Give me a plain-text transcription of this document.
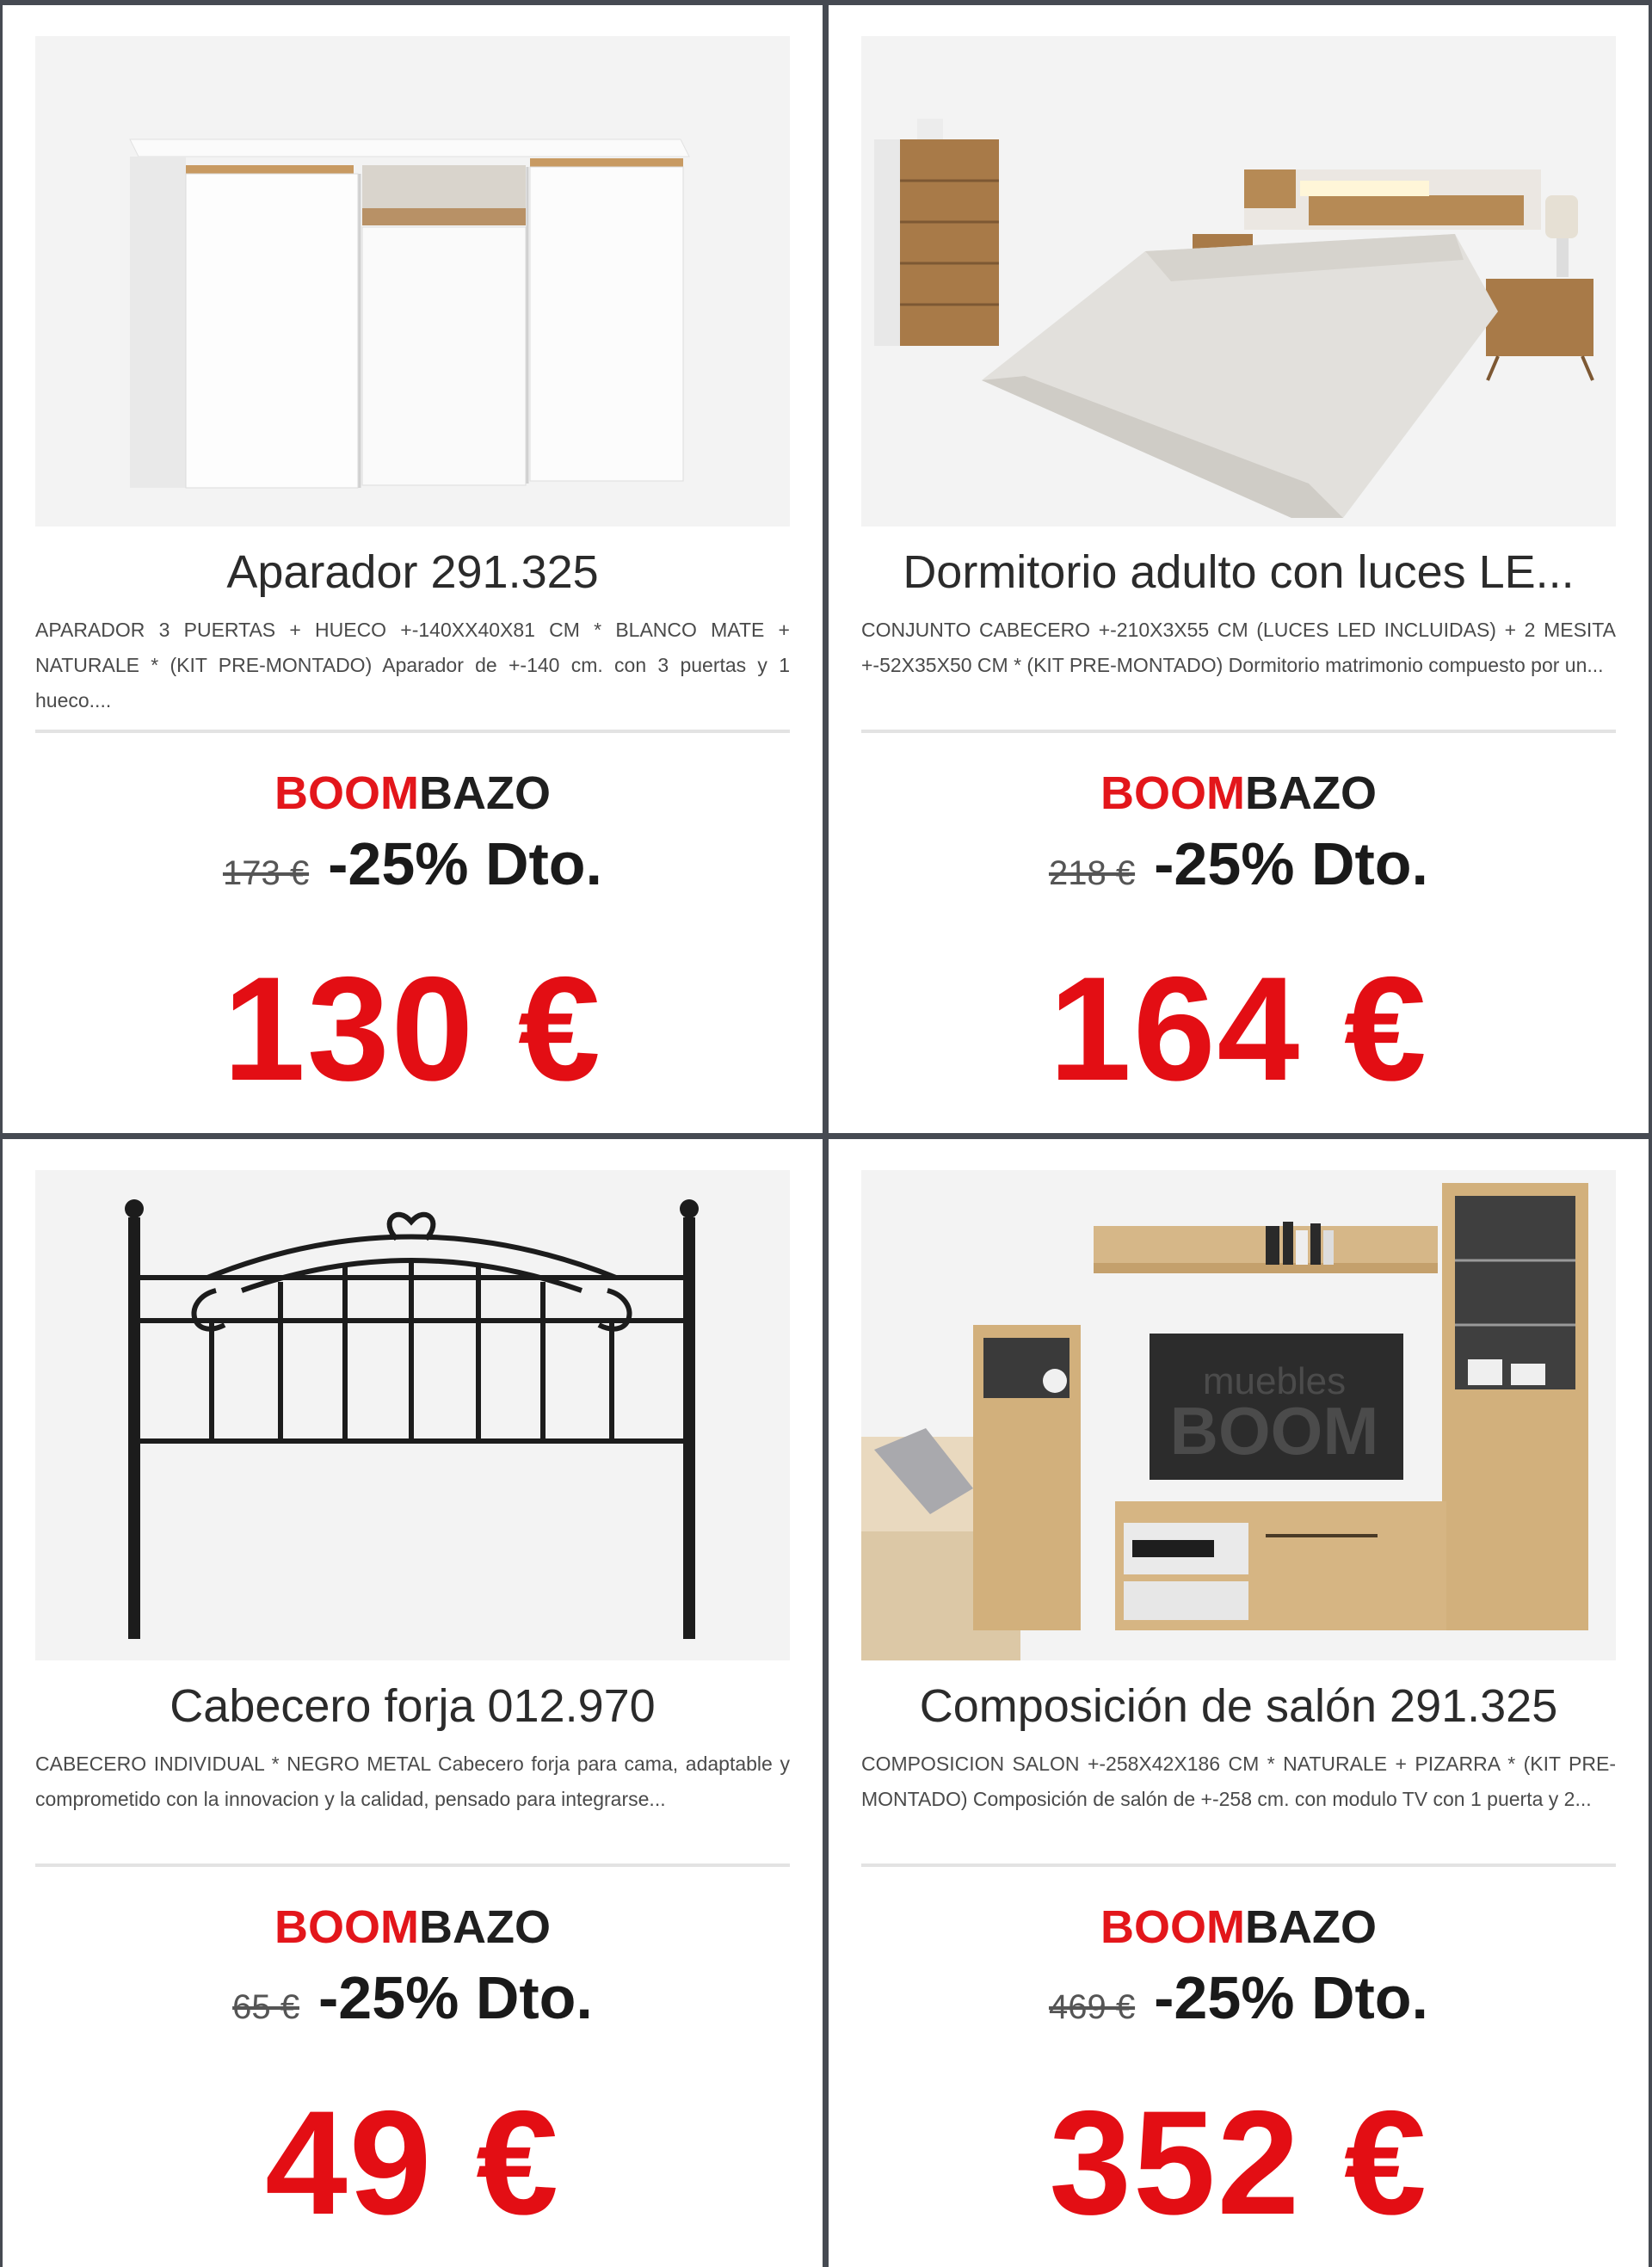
Aparador 291.325
APARADOR 3 PUERTAS + HUECO +-140XX40X81 CM * BLANCO MATE + NATURALE * (KIT PRE-MONTADO) Aparador de +-140 cm. con 3 puertas y 1 hueco....
BOOMBAZO
173 € -25% Dto.
130 €
Dormitorio adulto con luces LE...
CONJUNTO CABECERO +-210X3X55 CM (LUCES LED INCLUIDAS) + 2 MESITA +-52X35X50 CM * (KIT PRE-MONTADO) Dormitorio matrimonio compuesto por un...
BOOMBAZO
218 € -25% Dto.
164 €
Cabecero forja 012.970
CABECERO INDIVIDUAL * NEGRO METAL Cabecero forja para cama, adaptable y comprometido con la innovacion y la calidad, pensado para integrarse...
BOOMBAZO
65 € -25% Dto.
49 €
muebles
BOOM
Composición de salón 291.325
COMPOSICION SALON +-258X42X186 CM * NATURALE + PIZARRA * (KIT PRE-MONTADO) Composición de salón de +-258 cm. con modulo TV con 1 puerta y 2...
BOOMBAZO
469 € -25% Dto.
352 €
